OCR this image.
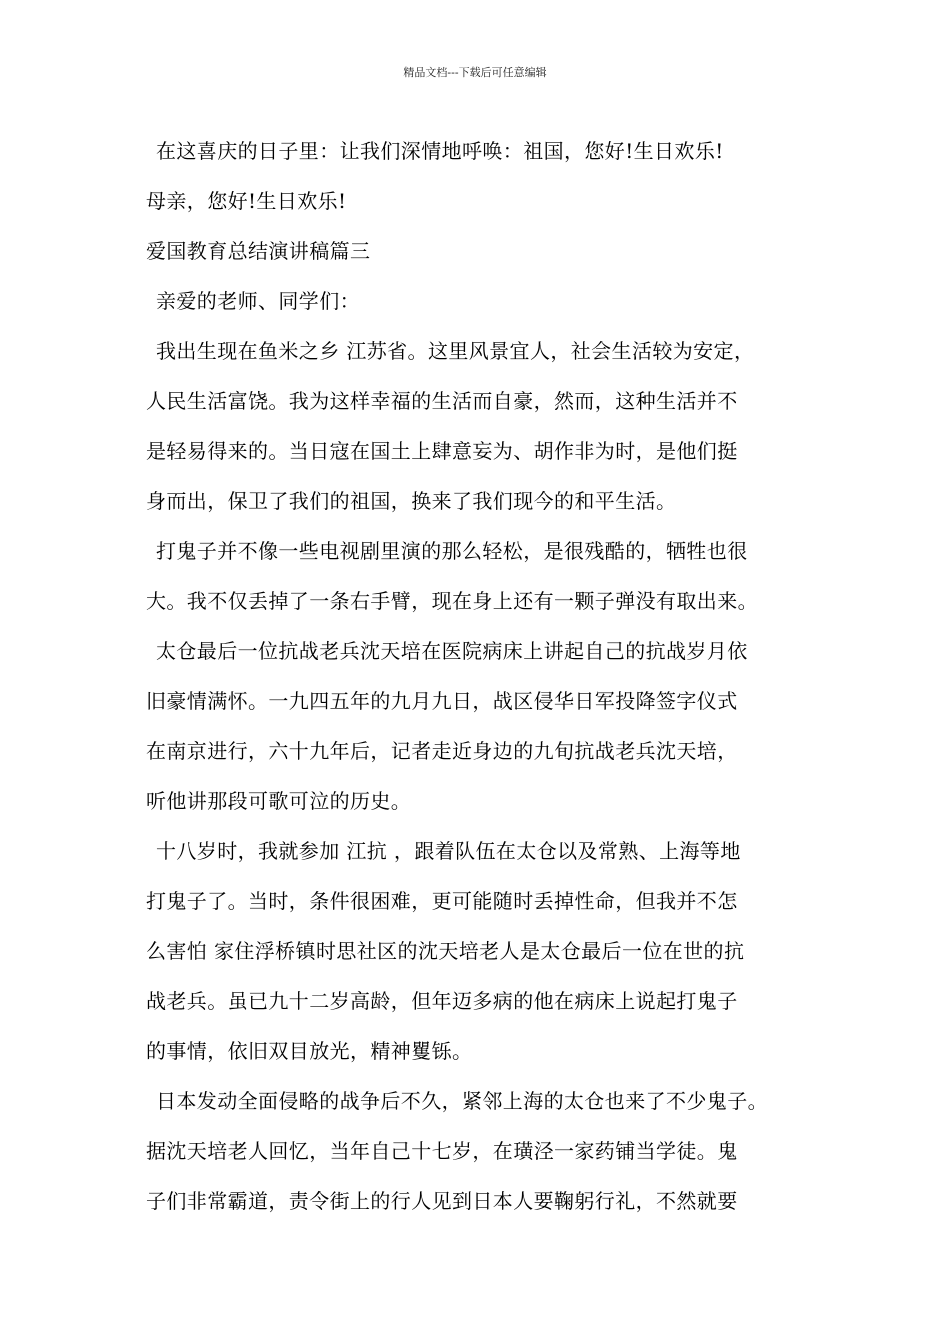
精品文档---下载后可任意编辑
在这喜庆的日子里：让我们深情地呼唤：祖国，您好!生日欢乐!
母亲，您好!生日欢乐!
爱国教育总结演讲稿篇三
亲爱的老师、同学们：
我出生现在鱼米之乡 江苏省。这里风景宜人，社会生活较为安定，
人民生活富饶。我为这样幸福的生活而自豪，然而，这种生活并不
是轻易得来的。当日寇在国土上肆意妄为、胡作非为时，是他们挺
身而出，保卫了我们的祖国，换来了我们现今的和平生活。
打鬼子并不像一些电视剧里演的那么轻松，是很残酷的，牺牲也很
大。我不仅丢掉了一条右手臂，现在身上还有一颗子弹没有取出来。
太仓最后一位抗战老兵沈天培在医院病床上讲起自己的抗战岁月依
旧豪情满怀。一九四五年的九月九日，战区侵华日军投降签字仪式
在南京进行，六十九年后，记者走近身边的九旬抗战老兵沈天培，
听他讲那段可歌可泣的历史。
十八岁时，我就参加 江抗 ，跟着队伍在太仓以及常熟、上海等地
打鬼子了。当时，条件很困难，更可能随时丢掉性命，但我并不怎
么害怕 家住浮桥镇时思社区的沈天培老人是太仓最后一位在世的抗
战老兵。虽已九十二岁高龄，但年迈多病的他在病床上说起打鬼子
的事情，依旧双目放光，精神矍铄。
日本发动全面侵略的战争后不久，紧邻上海的太仓也来了不少鬼子。
据沈天培老人回忆，当年自己十七岁，在璜泾一家药铺当学徒。鬼
子们非常霸道，责令街上的行人见到日本人要鞠躬行礼，不然就要
